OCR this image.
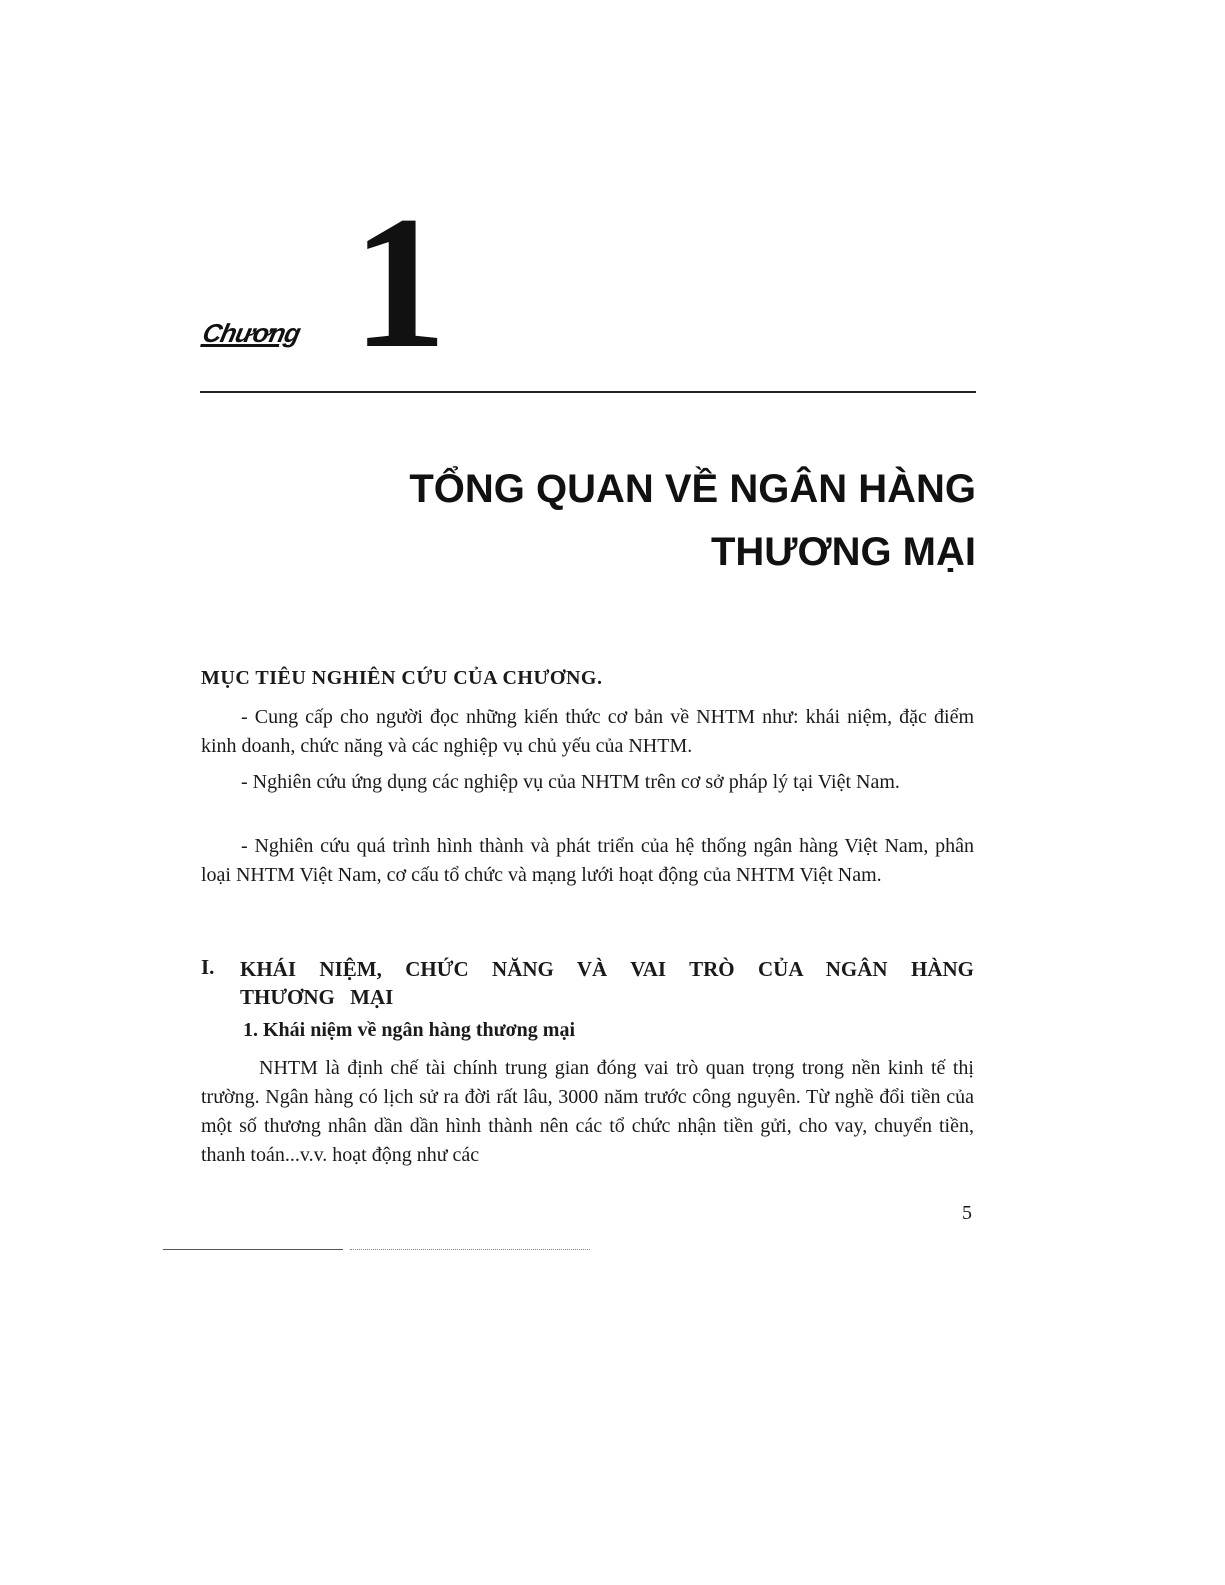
Chương 1
TỔNG QUAN VỀ NGÂN HÀNG
THƯƠNG MẠI
MỤC TIÊU NGHIÊN CỨU CỦA CHƯƠNG.
- Cung cấp cho người đọc những kiến thức cơ bản về NHTM như: khái niệm, đặc điểm kinh doanh, chức năng và các nghiệp vụ chủ yếu của NHTM.
- Nghiên cứu ứng dụng các nghiệp vụ của NHTM trên cơ sở pháp lý tại Việt Nam.
- Nghiên cứu quá trình hình thành và phát triển của hệ thống ngân hàng Việt Nam, phân loại NHTM Việt Nam, cơ cấu tổ chức và mạng lưới hoạt động của NHTM Việt Nam.
I. KHÁI NIỆM, CHỨC NĂNG VÀ VAI TRÒ CỦA NGÂN HÀNG THƯƠNG MẠI
1. Khái niệm về ngân hàng thương mại
NHTM là định chế tài chính trung gian đóng vai trò quan trọng trong nền kinh tế thị trường. Ngân hàng có lịch sử ra đời rất lâu, 3000 năm trước công nguyên. Từ nghề đổi tiền của một số thương nhân dần dần hình thành nên các tổ chức nhận tiền gửi, cho vay, chuyển tiền, thanh toán...v.v. hoạt động như các
5
